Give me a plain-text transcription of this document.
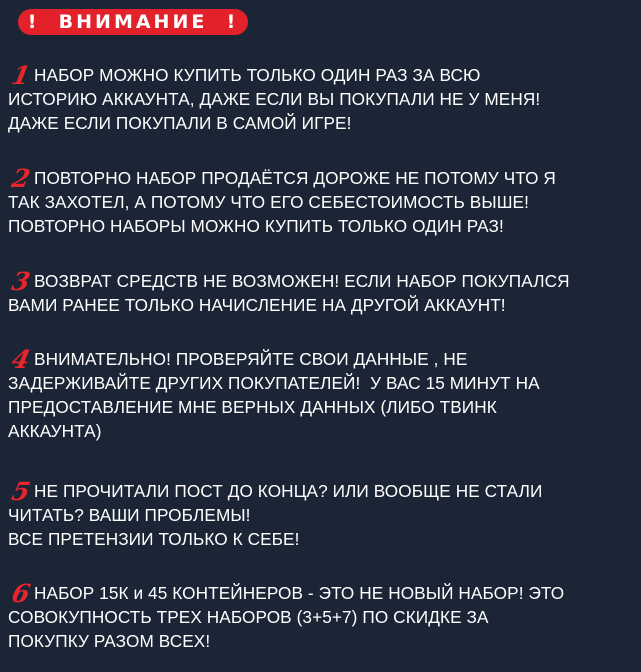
!  ВНИМАНИЕ  !
1НАБОР МОЖНО КУПИТЬ ТОЛЬКО ОДИН РАЗ ЗА ВСЮ
ИСТОРИЮ АККАУНТА, ДАЖЕ ЕСЛИ ВЫ ПОКУПАЛИ НЕ У МЕНЯ!
ДАЖЕ ЕСЛИ ПОКУПАЛИ В САМОЙ ИГРЕ!
2ПОВТОРНО НАБОР ПРОДАЁТСЯ ДОРОЖЕ НЕ ПОТОМУ ЧТО Я
ТАК ЗАХОТЕЛ, А ПОТОМУ ЧТО ЕГО СЕБЕСТОИМОСТЬ ВЫШЕ!
ПОВТОРНО НАБОРЫ МОЖНО КУПИТЬ ТОЛЬКО ОДИН РАЗ!
3ВОЗВРАТ СРЕДСТВ НЕ ВОЗМОЖЕН! ЕСЛИ НАБОР ПОКУПАЛСЯ
ВАМИ РАНЕЕ ТОЛЬКО НАЧИСЛЕНИЕ НА ДРУГОЙ АККАУНТ!
4ВНИМАТЕЛЬНО! ПРОВЕРЯЙТЕ СВОИ ДАННЫЕ , НЕ
ЗАДЕРЖИВАЙТЕ ДРУГИХ ПОКУПАТЕЛЕЙ!  У ВАС 15 МИНУТ НА
ПРЕДОСТАВЛЕНИЕ МНЕ ВЕРНЫХ ДАННЫХ (ЛИБО ТВИНК
АККАУНТА)
5НЕ ПРОЧИТАЛИ ПОСТ ДО КОНЦА? ИЛИ ВООБЩЕ НЕ СТАЛИ
ЧИТАТЬ? ВАШИ ПРОБЛЕМЫ!
ВСЕ ПРЕТЕНЗИИ ТОЛЬКО К СЕБЕ!
6НАБОР 15К и 45 КОНТЕЙНЕРОВ - ЭТО НЕ НОВЫЙ НАБОР! ЭТО
СОВОКУПНОСТЬ ТРЕХ НАБОРОВ (3+5+7) ПО СКИДКЕ ЗА
ПОКУПКУ РАЗОМ ВСЕХ!
